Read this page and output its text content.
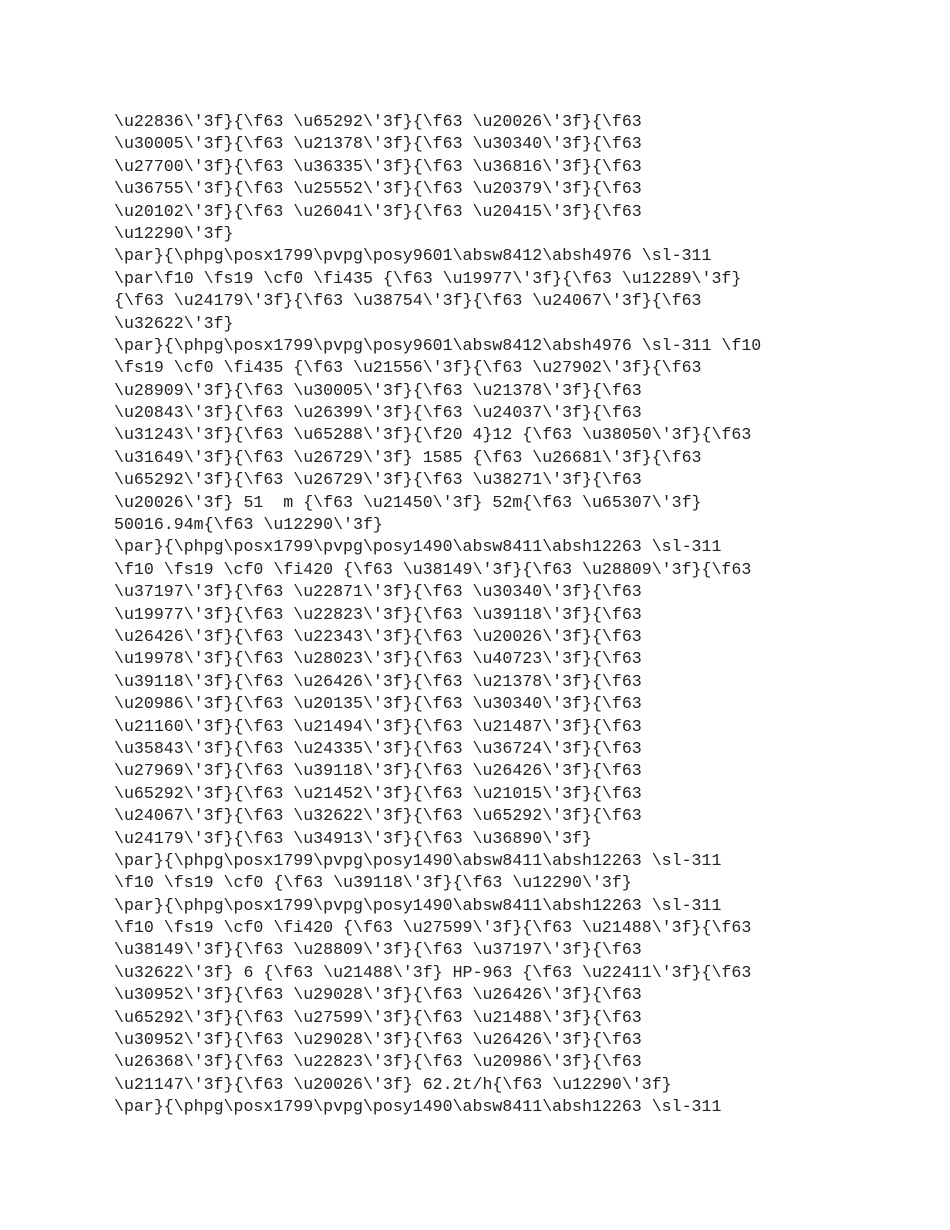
\u22836\'3f}{\f63 \u65292\'3f}{\f63 \u20026\'3f}{\f63
\u30005\'3f}{\f63 \u21378\'3f}{\f63 \u30340\'3f}{\f63
\u27700\'3f}{\f63 \u36335\'3f}{\f63 \u36816\'3f}{\f63
\u36755\'3f}{\f63 \u25552\'3f}{\f63 \u20379\'3f}{\f63
\u20102\'3f}{\f63 \u26041\'3f}{\f63 \u20415\'3f}{\f63
\u12290\'3f}
\par}{\phpg\posx1799\pvpg\posy9601\absw8412\absh4976 \sl-311
\par\f10 \fs19 \cf0 \fi435 {\f63 \u19977\'3f}{\f63 \u12289\'3f}
{\f63 \u24179\'3f}{\f63 \u38754\'3f}{\f63 \u24067\'3f}{\f63
\u32622\'3f}
\par}{\phpg\posx1799\pvpg\posy9601\absw8412\absh4976 \sl-311 \f10
\fs19 \cf0 \fi435 {\f63 \u21556\'3f}{\f63 \u27902\'3f}{\f63
\u28909\'3f}{\f63 \u30005\'3f}{\f63 \u21378\'3f}{\f63
\u20843\'3f}{\f63 \u26399\'3f}{\f63 \u24037\'3f}{\f63
\u31243\'3f}{\f63 \u65288\'3f}{\f20 4}12 {\f63 \u38050\'3f}{\f63
\u31649\'3f}{\f63 \u26729\'3f} 1585 {\f63 \u26681\'3f}{\f63
\u65292\'3f}{\f63 \u26729\'3f}{\f63 \u38271\'3f}{\f63
\u20026\'3f} 51  m {\f63 \u21450\'3f} 52m{\f63 \u65307\'3f}
50016.94m{\f63 \u12290\'3f}
\par}{\phpg\posx1799\pvpg\posy1490\absw8411\absh12263 \sl-311
\f10 \fs19 \cf0 \fi420 {\f63 \u38149\'3f}{\f63 \u28809\'3f}{\f63
\u37197\'3f}{\f63 \u22871\'3f}{\f63 \u30340\'3f}{\f63
\u19977\'3f}{\f63 \u22823\'3f}{\f63 \u39118\'3f}{\f63
\u26426\'3f}{\f63 \u22343\'3f}{\f63 \u20026\'3f}{\f63
\u19978\'3f}{\f63 \u28023\'3f}{\f63 \u40723\'3f}{\f63
\u39118\'3f}{\f63 \u26426\'3f}{\f63 \u21378\'3f}{\f63
\u20986\'3f}{\f63 \u20135\'3f}{\f63 \u30340\'3f}{\f63
\u21160\'3f}{\f63 \u21494\'3f}{\f63 \u21487\'3f}{\f63
\u35843\'3f}{\f63 \u24335\'3f}{\f63 \u36724\'3f}{\f63
\u27969\'3f}{\f63 \u39118\'3f}{\f63 \u26426\'3f}{\f63
\u65292\'3f}{\f63 \u21452\'3f}{\f63 \u21015\'3f}{\f63
\u24067\'3f}{\f63 \u32622\'3f}{\f63 \u65292\'3f}{\f63
\u24179\'3f}{\f63 \u34913\'3f}{\f63 \u36890\'3f}
\par}{\phpg\posx1799\pvpg\posy1490\absw8411\absh12263 \sl-311
\f10 \fs19 \cf0 {\f63 \u39118\'3f}{\f63 \u12290\'3f}
\par}{\phpg\posx1799\pvpg\posy1490\absw8411\absh12263 \sl-311
\f10 \fs19 \cf0 \fi420 {\f63 \u27599\'3f}{\f63 \u21488\'3f}{\f63
\u38149\'3f}{\f63 \u28809\'3f}{\f63 \u37197\'3f}{\f63
\u32622\'3f} 6 {\f63 \u21488\'3f} HP-963 {\f63 \u22411\'3f}{\f63
\u30952\'3f}{\f63 \u29028\'3f}{\f63 \u26426\'3f}{\f63
\u65292\'3f}{\f63 \u27599\'3f}{\f63 \u21488\'3f}{\f63
\u30952\'3f}{\f63 \u29028\'3f}{\f63 \u26426\'3f}{\f63
\u26368\'3f}{\f63 \u22823\'3f}{\f63 \u20986\'3f}{\f63
\u21147\'3f}{\f63 \u20026\'3f} 62.2t/h{\f63 \u12290\'3f}
\par}{\phpg\posx1799\pvpg\posy1490\absw8411\absh12263 \sl-311
